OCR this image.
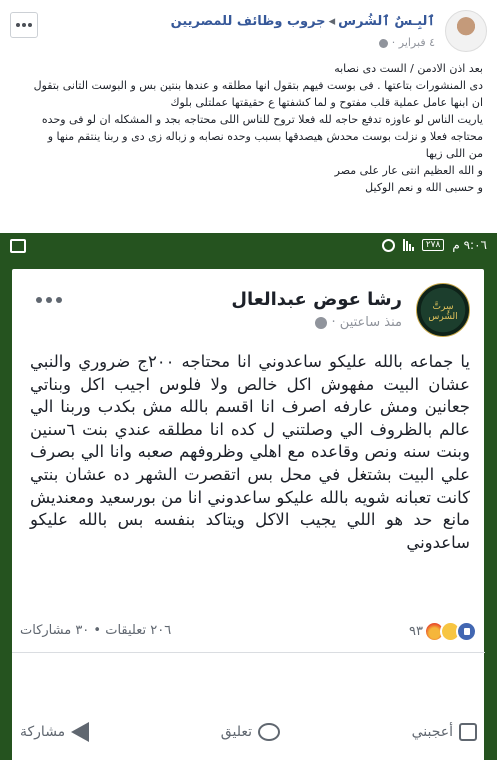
ٱلبِـسٌ ٱلشُرس◂جروب وظائف للمصريين
٤ فبراير ·

بعد اذن الادمن / الست دى نصابه

دى المنشورات بتاعتها . فى بوست فيهم بتقول انها مطلقه و عندها بنتين بس و البوست التانى بتقول

ان ابنها عامل عملية قلب مفتوح و لما كشفتها ع حقيقتها عملتلى بلوك

ياريت الناس لو عاوزه تدفع حاجه لله فعلا تروح للناس اللى محتاجه بجد و المشكله ان لو فى وحده

محتاجه فعلا و نزلت بوست محدش هيصدقها بسبب وحده نصابه و زباله زى دى و ربنا ينتقم منها و

من اللى زيها

و الله العظيم انتى عار على مصر

و حسبى الله و نعم الوكيل

٩:٠٦ م
٢٧٨
سِرتَّ الشُرس
رشا عوض عبدالعال
منذ ساعتين ·
يا جماعه بالله عليكو ساعدوني انا محتاجه ٢٠٠ج ضروري والنبي عشان البيت مفهوش اكل خالص ولا فلوس اجيب اكل وبناتي جعانين ومش عارفه اصرف انا اقسم بالله مش بكدب وربنا الي عالم بالظروف الي وصلتني ل كده انا مطلقه عندي بنت ٦سنين وبنت سنه ونص وقاعده مع اهلي وظروفهم صعبه وانا الي بصرف علي البيت بشتغل في محل بس اتقصرت الشهر ده عشان بنتي كانت تعبانه شويه بالله عليكو ساعدوني انا من بورسعيد ومعنديش مانع حد هو اللي يجيب الاكل ويتاكد بنفسه بس بالله عليكو ساعدوني
٩٣
٢٠٦ تعليقات • ٣٠ مشاركات
أعجبني
تعليق
مشاركة
